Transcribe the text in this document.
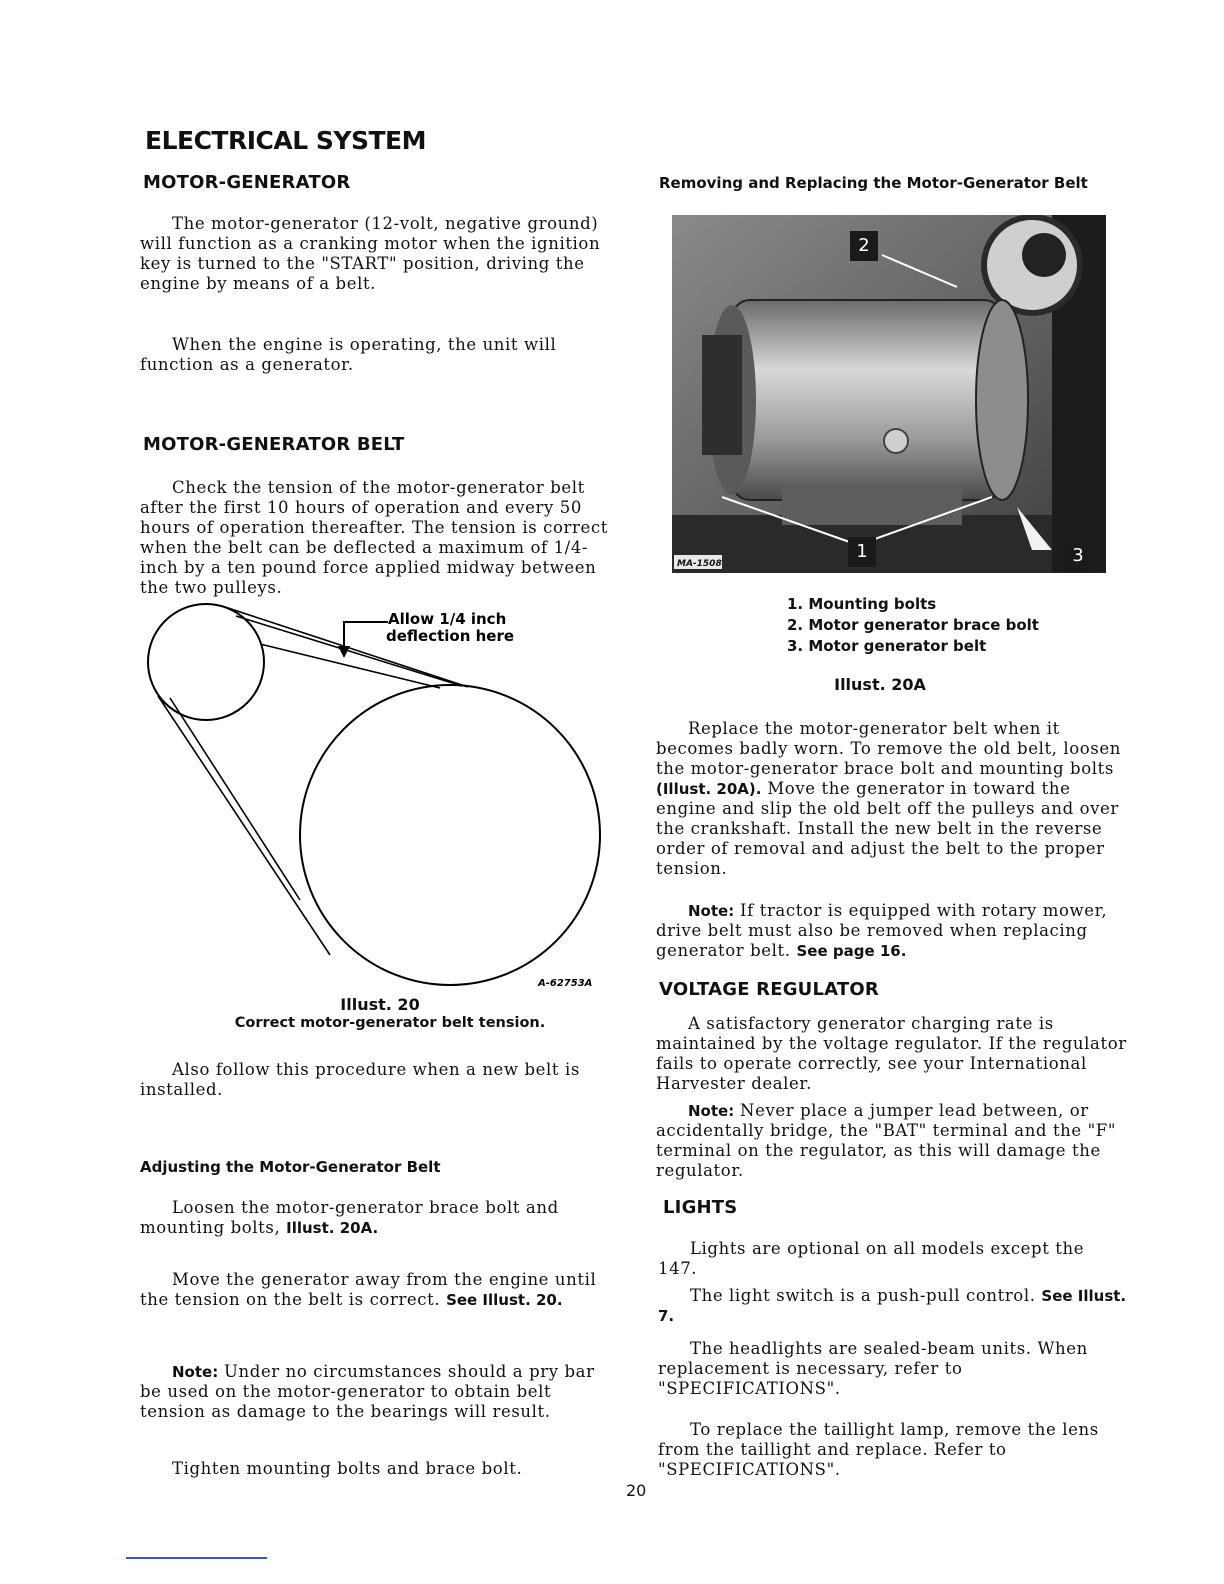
ELECTRICAL SYSTEM
MOTOR-GENERATOR

The motor-generator (12-volt, negative ground) will function as a cranking motor when the ignition key is turned to the "START" position, driving the engine by means of a belt.

When the engine is operating, the unit will function as a generator.

MOTOR-GENERATOR BELT

Check the tension of the motor-generator belt after the first 10 hours of operation and every 50 hours of operation thereafter. The tension is correct when the belt can be deflected a maximum of 1/4-inch by a ten pound force applied midway between the two pulleys.

Allow 1/4 inch
deflection here
A-62753A
Illust. 20
Correct motor-generator belt tension.

Also follow this procedure when a new belt is installed.

Adjusting the Motor-Generator Belt

Loosen the motor-generator brace bolt and mounting bolts, Illust. 20A.

Move the generator away from the engine until the tension on the belt is correct. See Illust. 20.

Note: Under no circumstances should a pry bar be used on the motor-generator to obtain belt tension as damage to the bearings will result.

Tighten mounting bolts and brace bolt.

Removing and Replacing the Motor-Generator Belt
MA-1508
1
2
3
1. Mounting bolts
2. Motor generator brace bolt
3. Motor generator belt
Illust. 20A

Replace the motor-generator belt when it becomes badly worn. To remove the old belt, loosen the motor-generator brace bolt and mounting bolts (Illust. 20A). Move the generator in toward the engine and slip the old belt off the pulleys and over the crankshaft. Install the new belt in the reverse order of removal and adjust the belt to the proper tension.

Note: If tractor is equipped with rotary mower, drive belt must also be removed when replacing generator belt. See page 16.

VOLTAGE REGULATOR

A satisfactory generator charging rate is maintained by the voltage regulator. If the regulator fails to operate correctly, see your International Harvester dealer.

Note: Never place a jumper lead between, or accidentally bridge, the "BAT" terminal and the "F" terminal on the regulator, as this will damage the regulator.

LIGHTS

Lights are optional on all models except the 147.

The light switch is a push-pull control. See Illust. 7.

The headlights are sealed-beam units. When replacement is necessary, refer to "SPECIFICATIONS".

To replace the taillight lamp, remove the lens from the taillight and replace. Refer to "SPECIFICATIONS".

20
